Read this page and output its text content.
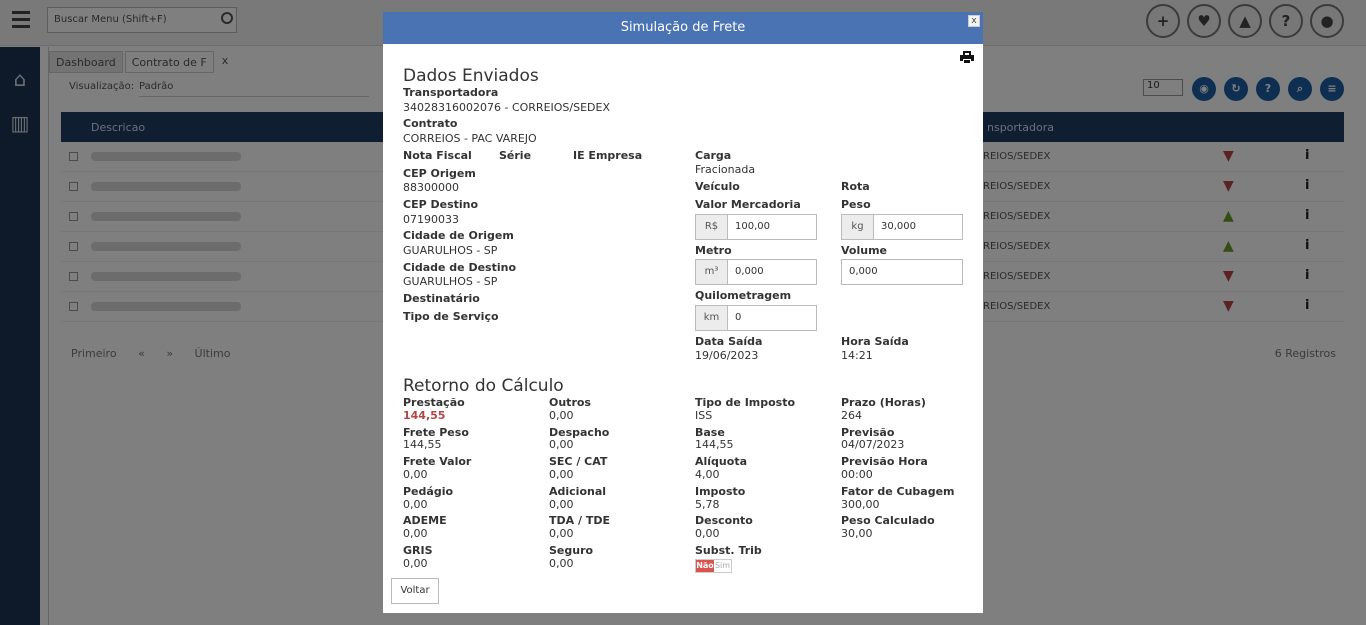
Simulação de Frete	x
Dados Enviados
Transportadora
34028316002076 - CORREIOS/SEDEX
Contrato
CORREIOS - PAC VAREJO
Nota Fiscal Série	IE Empresa
CEP Origem
88300000
CEP Destino
07190033
Cidade de Origem
GUARULHOS - SP
Cidade de Destino
GUARULHOS - SP
Destinatário
Tipo de Serviço
Carga
Fracionada
Veículo	Rota
Valor Mercadoria
R$	100,00
Peso
kg	30,000
Metro
m³	0,000
Volume
0,000
Quilometragem
km	0
Data Saída
19/06/2023
Hora Saída
14:21
Retorno do Cálculo
Prestação
144,55
Outros
0,00
Tipo de Imposto
ISS
Prazo (Horas)
264
Frete Peso
144,55
Despacho
0,00
Base
144,55
Previsão
04/07/2023
Frete Valor
0,00
SEC / CAT
0,00
Alíquota
4,00
Previsão Hora
00:00
Pedágio
0,00
Adicional
0,00
Imposto
5,78
Fator de Cubagem
300,00
ADEME
0,00
TDA / TDE
0,00
Desconto
0,00
Peso Calculado
30,00
GRIS
0,00
Seguro
0,00
Subst. Trib
Não Sim
Voltar
